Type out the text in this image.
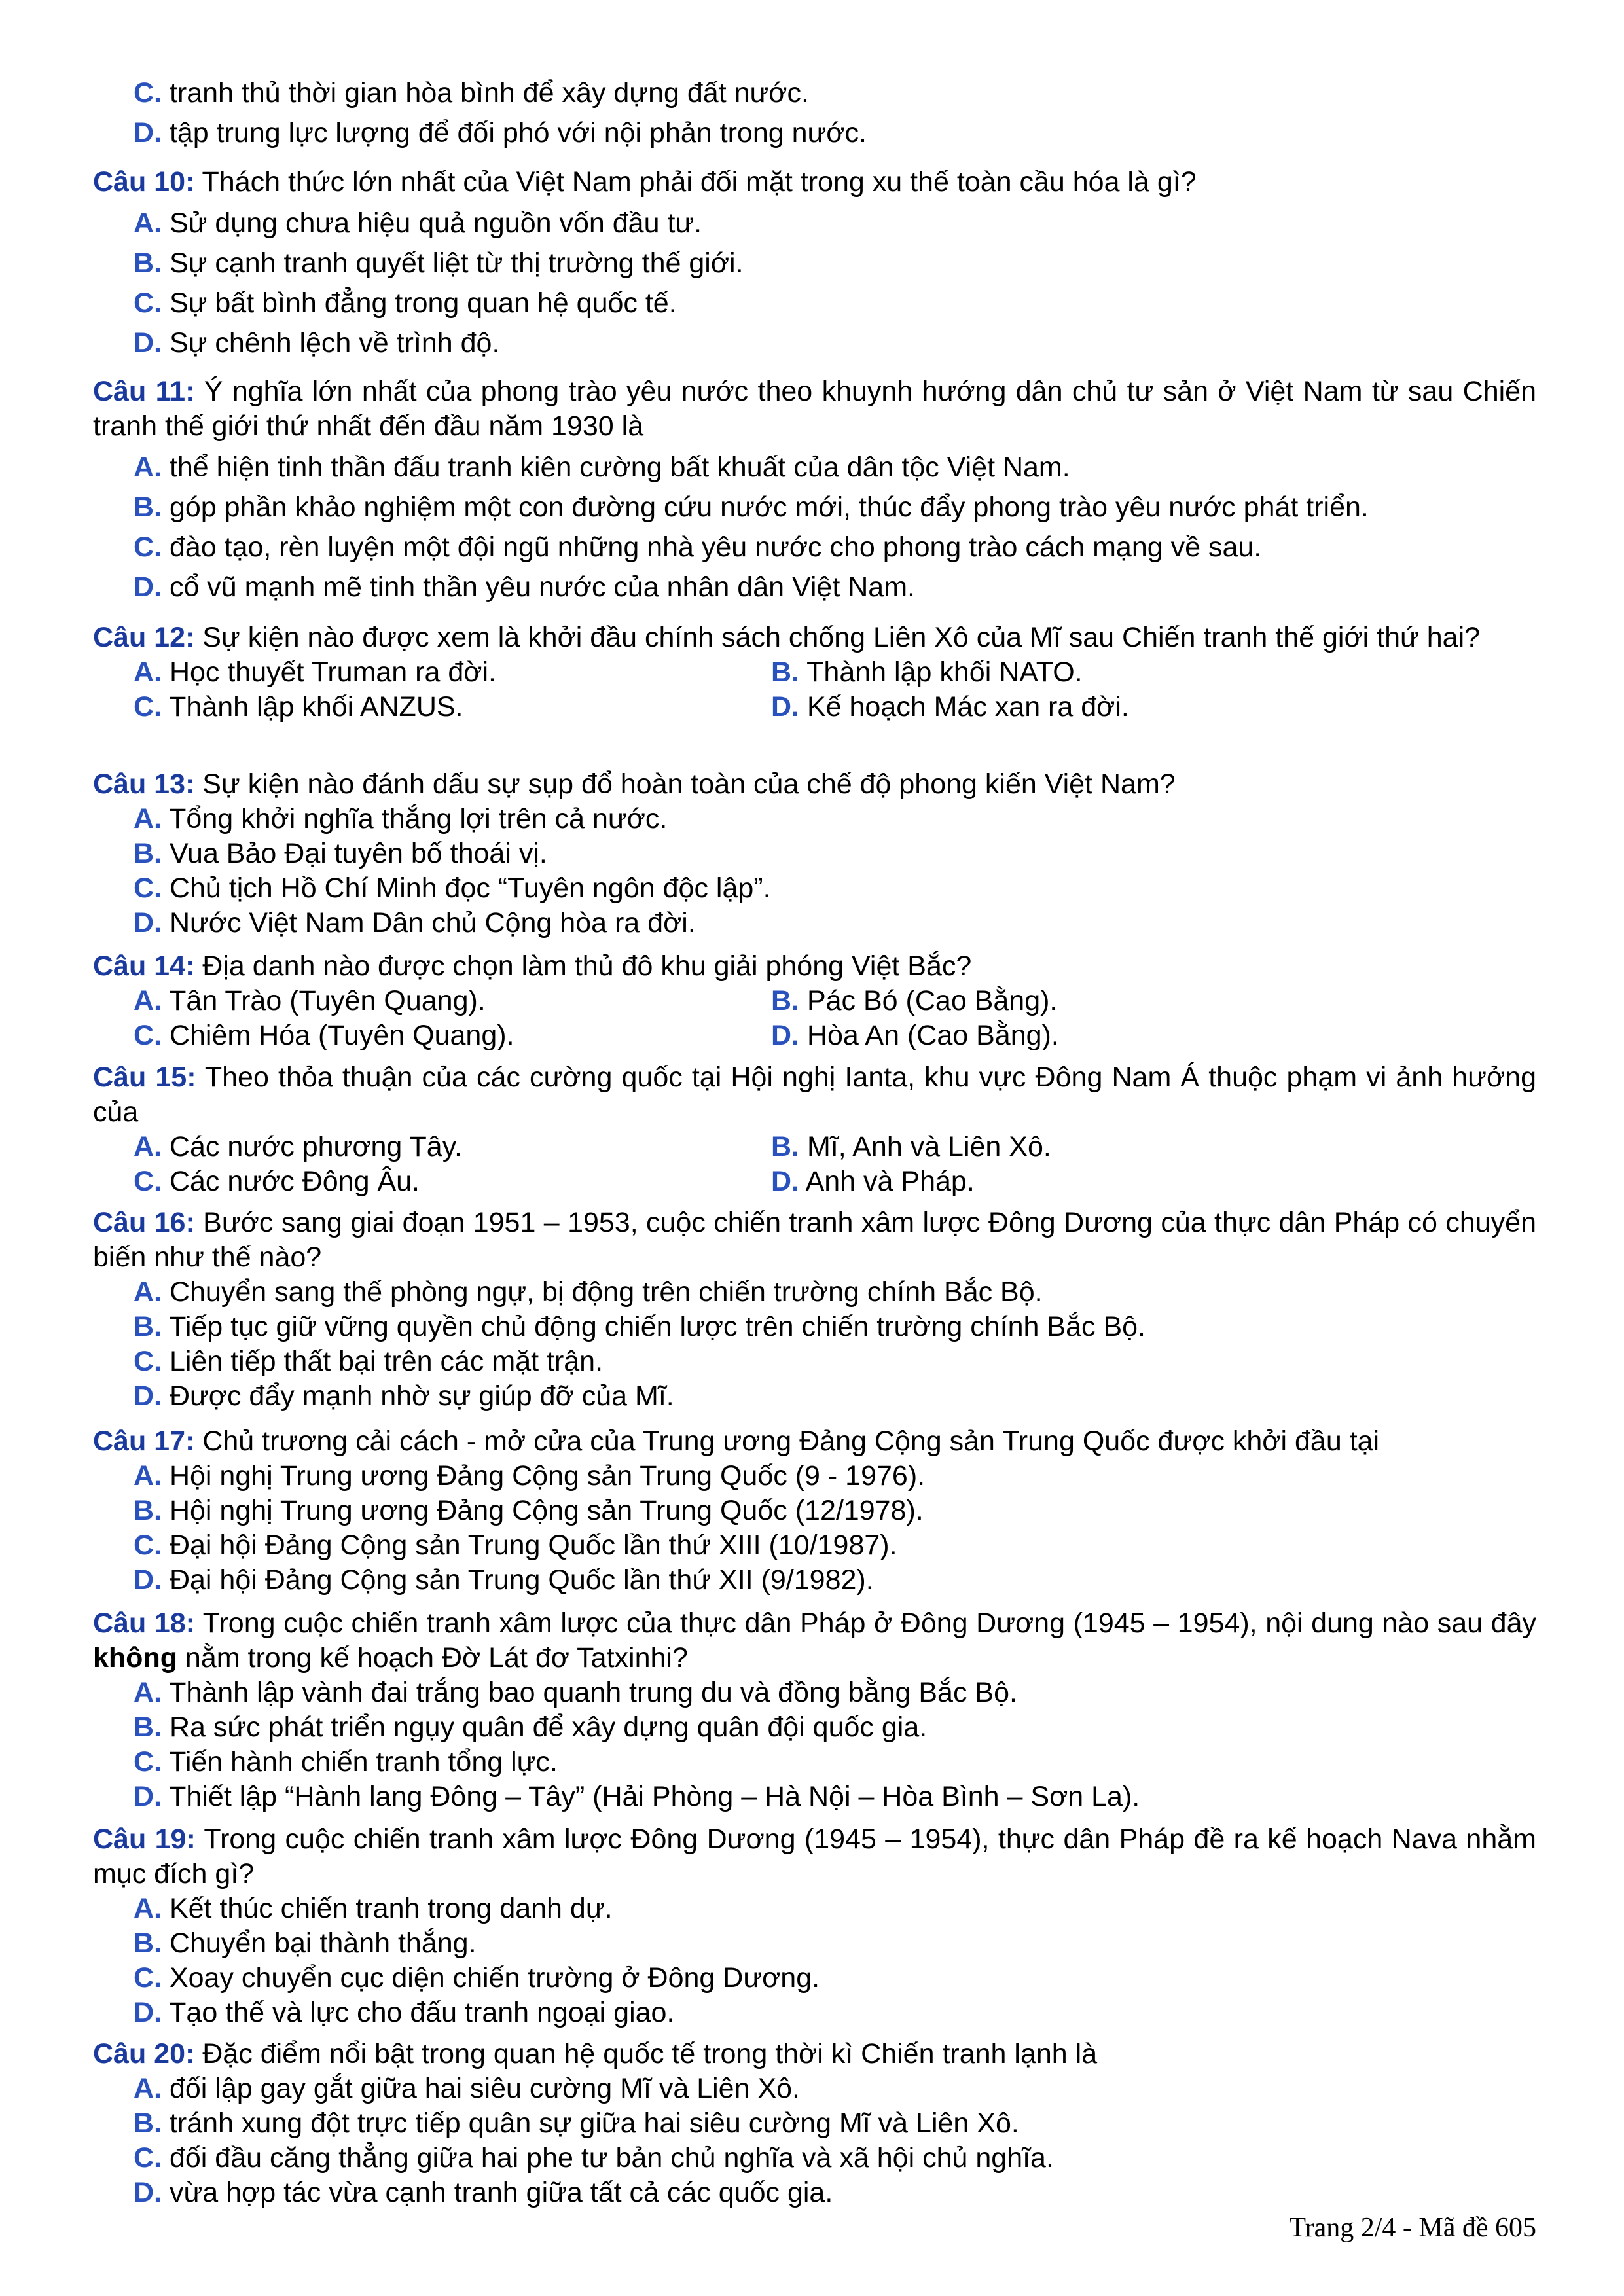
C. tranh thủ thời gian hòa bình để xây dựng đất nước.
D. tập trung lực lượng để đối phó với nội phản trong nước.
Câu 10: Thách thức lớn nhất của Việt Nam phải đối mặt trong xu thế toàn cầu hóa là gì?
A. Sử dụng chưa hiệu quả nguồn vốn đầu tư.
B. Sự cạnh tranh quyết liệt từ thị trường thế giới.
C. Sự bất bình đẳng trong quan hệ quốc tế.
D. Sự chênh lệch về trình độ.
Câu 11: Ý nghĩa lớn nhất của phong trào yêu nước theo khuynh hướng dân chủ tư sản ở Việt Nam từ sau Chiến tranh thế giới thứ nhất đến đầu năm 1930 là
A. thể hiện tinh thần đấu tranh kiên cường bất khuất của dân tộc Việt Nam.
B. góp phần khảo nghiệm một con đường cứu nước mới, thúc đẩy phong trào yêu nước phát triển.
C. đào tạo, rèn luyện một đội ngũ những nhà yêu nước cho phong trào cách mạng về sau.
D. cổ vũ mạnh mẽ tinh thần yêu nước của nhân dân Việt Nam.
Câu 12: Sự kiện nào được xem là khởi đầu chính sách chống Liên Xô của Mĩ sau Chiến tranh thế giới thứ hai?
A. Học thuyết Truman ra đời.	B. Thành lập khối NATO.
C. Thành lập khối ANZUS.	D. Kế hoạch Mác xan ra đời.
Câu 13: Sự kiện nào đánh dấu sự sụp đổ hoàn toàn của chế độ phong kiến Việt Nam?
A. Tổng khởi nghĩa thắng lợi trên cả nước.
B. Vua Bảo Đại tuyên bố thoái vị.
C. Chủ tịch Hồ Chí Minh đọc “Tuyên ngôn độc lập”.
D. Nước Việt Nam Dân chủ Cộng hòa ra đời.
Câu 14: Địa danh nào được chọn làm thủ đô khu giải phóng Việt Bắc?
A. Tân Trào (Tuyên Quang).	B. Pác Bó (Cao Bằng).
C. Chiêm Hóa (Tuyên Quang).	D. Hòa An (Cao Bằng).
Câu 15: Theo thỏa thuận của các cường quốc tại Hội nghị Ianta, khu vực Đông Nam Á thuộc phạm vi ảnh hưởng của
A. Các nước phương Tây.	B. Mĩ, Anh và Liên Xô.
C. Các nước Đông Âu.	D. Anh và Pháp.
Câu 16: Bước sang giai đoạn 1951 – 1953, cuộc chiến tranh xâm lược Đông Dương của thực dân Pháp có chuyển biến như thế nào?
A. Chuyển sang thế phòng ngự, bị động trên chiến trường chính Bắc Bộ.
B. Tiếp tục giữ vững quyền chủ động chiến lược trên chiến trường chính Bắc Bộ.
C. Liên tiếp thất bại trên các mặt trận.
D. Được đẩy mạnh nhờ sự giúp đỡ của Mĩ.
Câu 17: Chủ trương cải cách - mở cửa của Trung ương Đảng Cộng sản Trung Quốc được khởi đầu tại
A. Hội nghị Trung ương Đảng Cộng sản Trung Quốc (9 - 1976).
B. Hội nghị Trung ương Đảng Cộng sản Trung Quốc (12/1978).
C. Đại hội Đảng Cộng sản Trung Quốc lần thứ XIII (10/1987).
D. Đại hội Đảng Cộng sản Trung Quốc lần thứ XII (9/1982).
Câu 18: Trong cuộc chiến tranh xâm lược của thực dân Pháp ở Đông Dương (1945 – 1954), nội dung nào sau đây không nằm trong kế hoạch Đờ Lát đơ Tatxinhi?
A. Thành lập vành đai trắng bao quanh trung du và đồng bằng Bắc Bộ.
B. Ra sức phát triển ngụy quân để xây dựng quân đội quốc gia.
C. Tiến hành chiến tranh tổng lực.
D. Thiết lập “Hành lang Đông – Tây” (Hải Phòng – Hà Nội – Hòa Bình – Sơn La).
Câu 19: Trong cuộc chiến tranh xâm lược Đông Dương (1945 – 1954), thực dân Pháp đề ra kế hoạch Nava nhằm mục đích gì?
A. Kết thúc chiến tranh trong danh dự.
B. Chuyển bại thành thắng.
C. Xoay chuyển cục diện chiến trường ở Đông Dương.
D. Tạo thế và lực cho đấu tranh ngoại giao.
Câu 20: Đặc điểm nổi bật trong quan hệ quốc tế trong thời kì Chiến tranh lạnh là
A. đối lập gay gắt giữa hai siêu cường Mĩ và Liên Xô.
B. tránh xung đột trực tiếp quân sự giữa hai siêu cường Mĩ và Liên Xô.
C. đối đầu căng thẳng giữa hai phe tư bản chủ nghĩa và xã hội chủ nghĩa.
D. vừa hợp tác vừa cạnh tranh giữa tất cả các quốc gia.
Trang 2/4 - Mã đề 605
